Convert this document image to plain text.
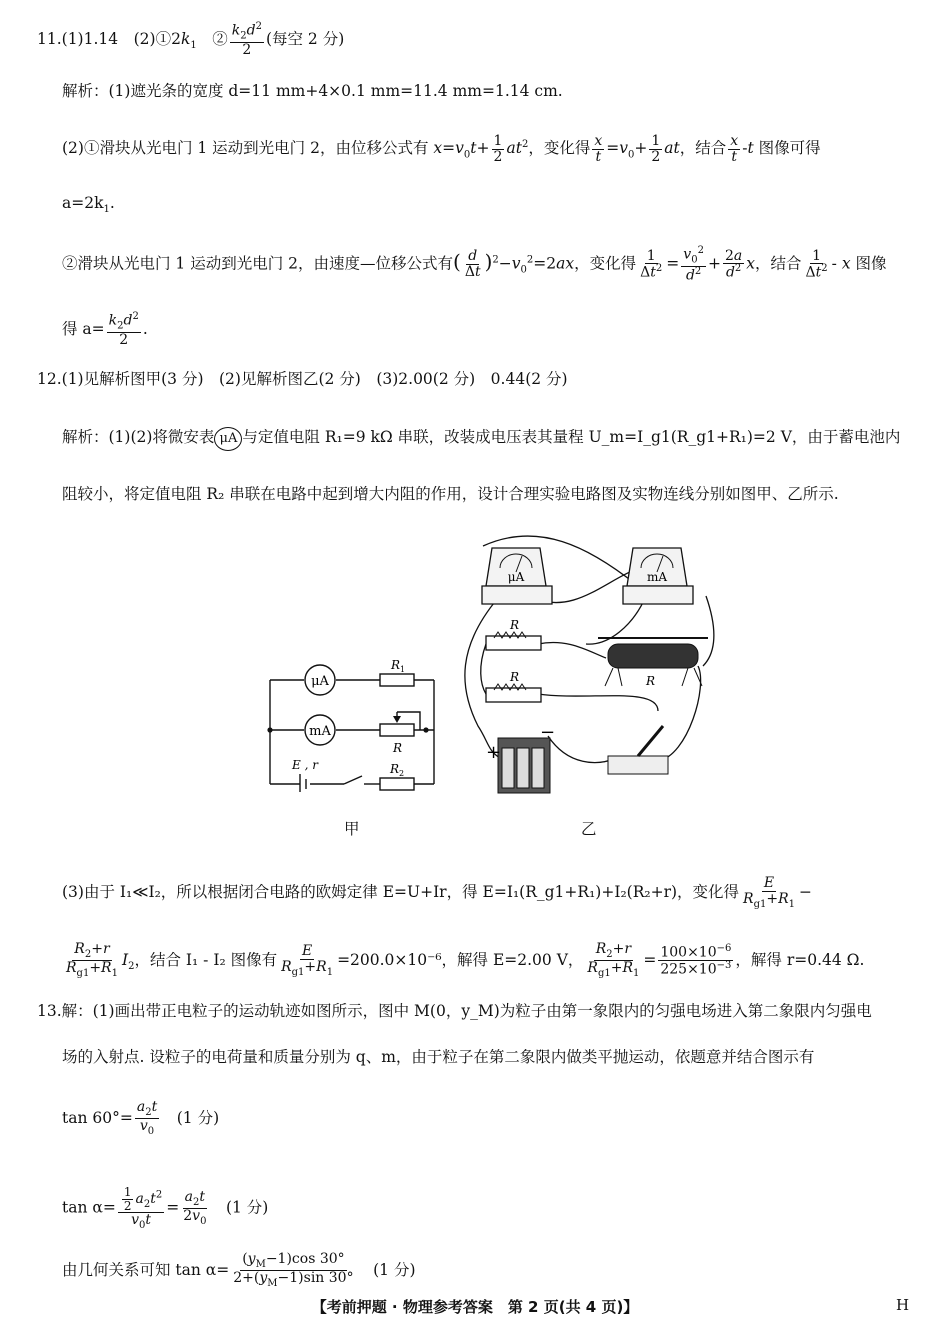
11.(1)1.14　$(2)①2k_1$　② $\frac{k_2d^2}{2}$ (每空 2 分)
解析：(1)遮光条的宽度 d=11 mm+4×0.1 mm=11.4 mm=1.14 cm.
(2)①滑块从光电门 1 运动到光电门 2，由位移公式有 $x=v_0t+ \frac{1}{2} at^2$，变化得 $\frac{x}{t} =v_0+ \frac{1}{2}$ at，结合 $\frac{x}{t} -t$ 图像可得
$a=2k_1$.
②滑块从光电门 1 运动到光电门 2，由速度—位移公式有( $\frac{d}{\Delta t} )^2-v_0^2=2ax$，变化得 $\frac{1}{\Delta t^2} = \frac{v_0^2}{d^2} + \frac{2a}{d^2}$ x，结合 $\frac{1}{\Delta t^2}$ - x 图像
得 $a= \frac{k_2d^2}{2}$ .
12.(1)见解析图甲(3 分)　(2)见解析图乙(2 分)　(3)2.00(2 分)　0.44(2 分)
解析：(1)(2)将微安表 μA 与定值电阻 R₁=9 kΩ 串联，改装成电压表其量程 U_m=I_g1(R_g1+R₁)=2 V，由于蓄电池内
阻较小，将定值电阻 R₂ 串联在电路中起到增大内阻的作用，设计合理实验电路图及实物连线分别如图甲、乙所示.
μA
mA
R 1
R
R 2
E , r
μA	mA
R
R	R
+
−
甲	乙
(3)由于 I₁≪I₂，所以根据闭合电路的欧姆定律 E=U+Ir，得 E=I₁(R_g1+R₁)+I₂(R₂+r)，变化得 $\frac{E}{R_{g1}+R_1}$ −
$\frac{R_2+r}{R_{g1}+R_1} I_2$，结合 I₁ - I₂ 图像有 $\frac{E}{R_{g1}+R_1} =200.0\times 10^{-6}$，解得 E=2.00 V， $\frac{R_2+r}{R_{g1}+R_1} = \frac{100\times 10^{-6}}{225\times 10^{-3}}$ ，解得 r=0.44 Ω.
13.解：(1)画出带正电粒子的运动轨迹如图所示，图中 M(0，y_M)为粒子由第一象限内的匀强电场进入第二象限内匀强电
场的入射点. 设粒子的电荷量和质量分别为 q、m，由于粒子在第二象限内做类平抛运动，依题意并结合图示有
$\tan 60^\circ= \frac{a_2t}{v_0}$
　 (1 分)
$\tan \alpha= \frac{\frac{1}{2} a_2t^2}{v_0t} = \frac{a_2t}{2v_0}$
　 (1 分)
由几何关系可知 $\tan \alpha= \frac{(y_M-1)\cos 30^\circ}{2+(y_M-1)\sin 30^\circ}$
　 (1 分)
【考前押题 · 物理参考答案　第 2 页(共 4 页)】	H
